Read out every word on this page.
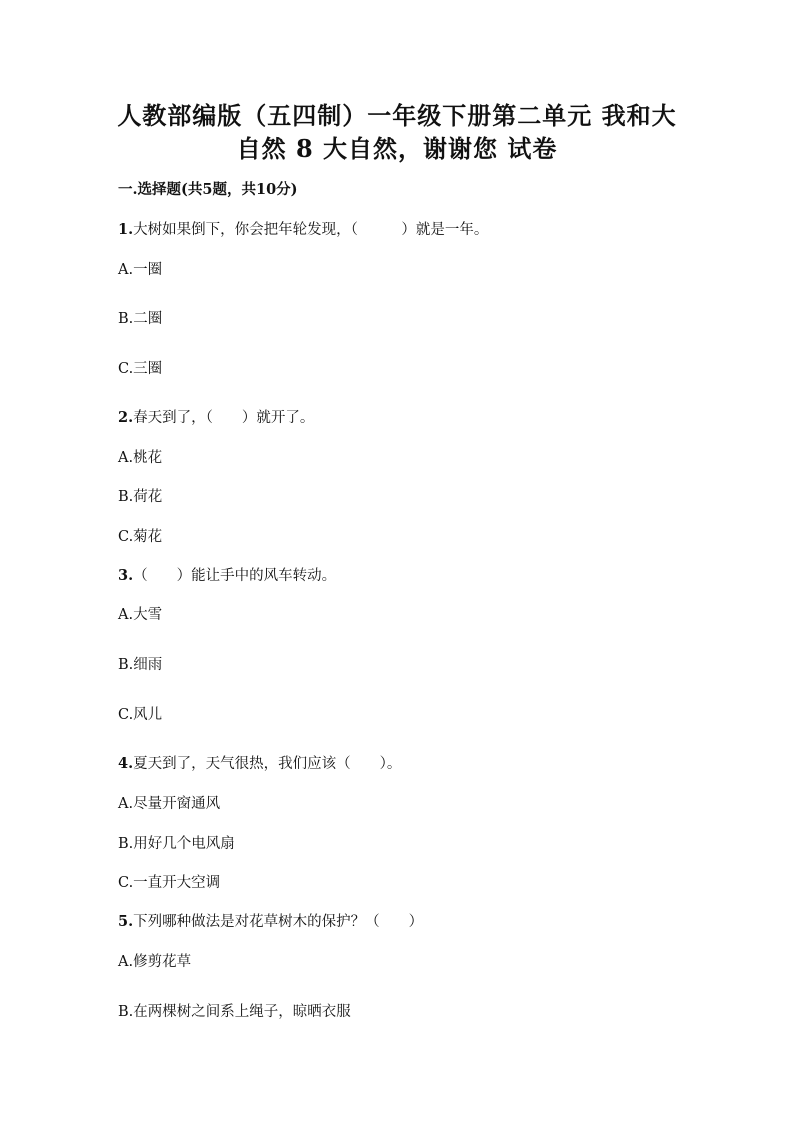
人教部编版（五四制）一年级下册第二单元 我和大
自然 8 大自然，谢谢您 试卷
一.选择题(共5题，共10分)
1.大树如果倒下，你会把年轮发现，（　　　）就是一年。
A.一圈
B.二圈
C.三圈
2.春天到了，（　　）就开了。
A.桃花
B.荷花
C.菊花
3.（　　）能让手中的风车转动。
A.大雪
B.细雨
C.风儿
4.夏天到了，天气很热，我们应该（　　）。
A.尽量开窗通风
B.用好几个电风扇
C.一直开大空调
5.下列哪种做法是对花草树木的保护？（　　）
A.修剪花草
B.在两棵树之间系上绳子，晾晒衣服
